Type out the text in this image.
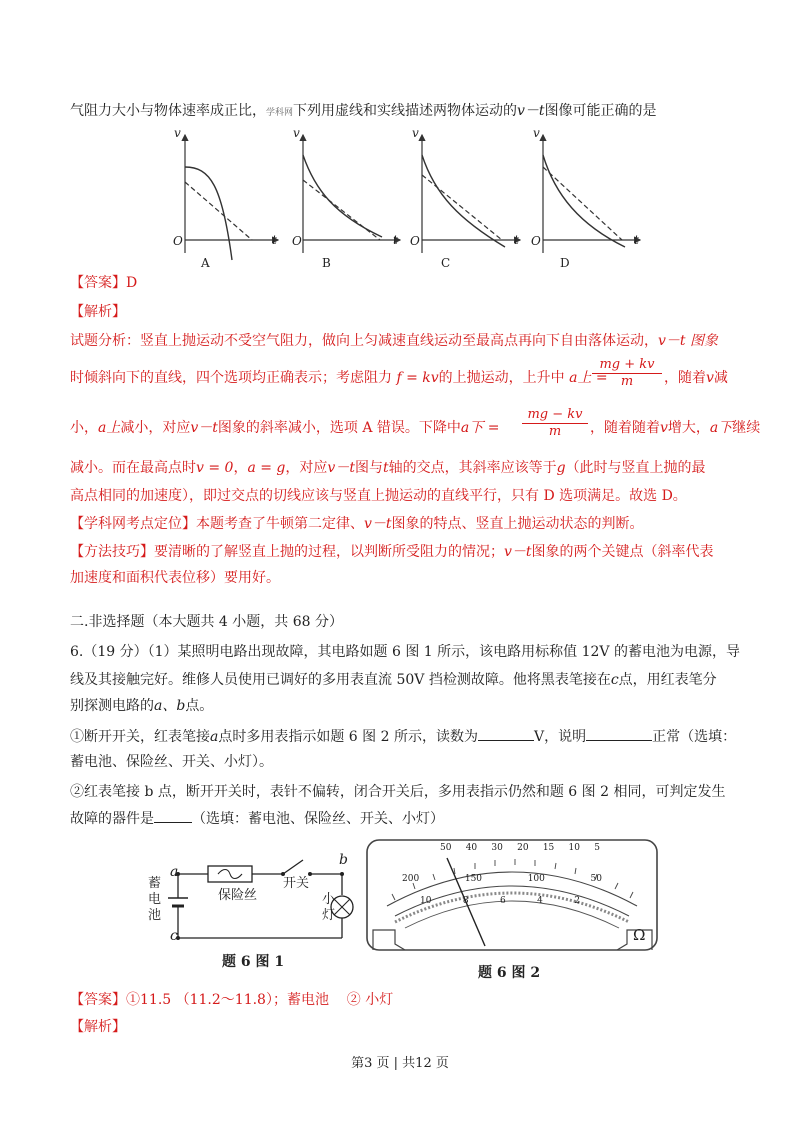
气阻力大小与物体速率成正比，学科网下列用虚线和实线描述两物体运动的v－t图像可能正确的是
v
t
O
A
v
t
O
B
v
t
O
C
v
t
O
D
【答案】D
【解析】
试题分析：竖直上抛运动不受空气阻力，做向上匀减速直线运动至最高点再向下自由落体运动，v－t 图象
时倾斜向下的直线，四个选项均正确表示；考虑阻力 f = kv的上抛运动，上升中 a上 =
$\frac{mg + kv}{m}$ ，随着v减
小，a上减小，对应v－t图象的斜率减小，选项 A 错误。下降中a下 = $\frac{mg - kv}{m}$ ，随着随着v增大，a下继续
减小。而在最高点时v = 0，a = g，对应v－t图与t轴的交点，其斜率应该等于g（此时与竖直上抛的最
高点相同的加速度），即过交点的切线应该与竖直上抛运动的直线平行，只有 D 选项满足。故选 D。
【学科网考点定位】本题考查了牛顿第二定律、v－t图象的特点、竖直上抛运动状态的判断。
【方法技巧】要清晰的了解竖直上抛的过程，以判断所受阻力的情况；v－t图象的两个关键点（斜率代表
加速度和面积代表位移）要用好。
二.非选择题（本大题共 4 小题，共 68 分）
6.（19 分）（1）某照明电路出现故障，其电路如题 6 图 1 所示，该电路用标称值 12V 的蓄电池为电源，导
线及其接触完好。维修人员使用已调好的多用表直流 50V 挡检测故障。他将黑表笔接在c点，用红表笔分
别探测电路的a、b点。
①断开开关，红表笔接a点时多用表指示如题 6 图 2 所示，读数为	V，说明	正常（选填：
蓄电池、保险丝、开关、小灯）。
②红表笔接 b 点，断开开关时，表针不偏转，闭合开关后，多用表指示仍然和题 6 图 2 相同，可判定发生
故障的器件是	（选填：蓄电池、保险丝、开关、小灯）
a
b
c
蓄电池
保险丝
开关
小灯
题 6 图 1
50 40 30 20 15 10 5
200	150	100	50
10	8	6	4	2
Ω
题 6 图 2
【答案】①11.5 （11.2～11.8）；蓄电池 ② 小灯
【解析】
第3 页 | 共12 页
